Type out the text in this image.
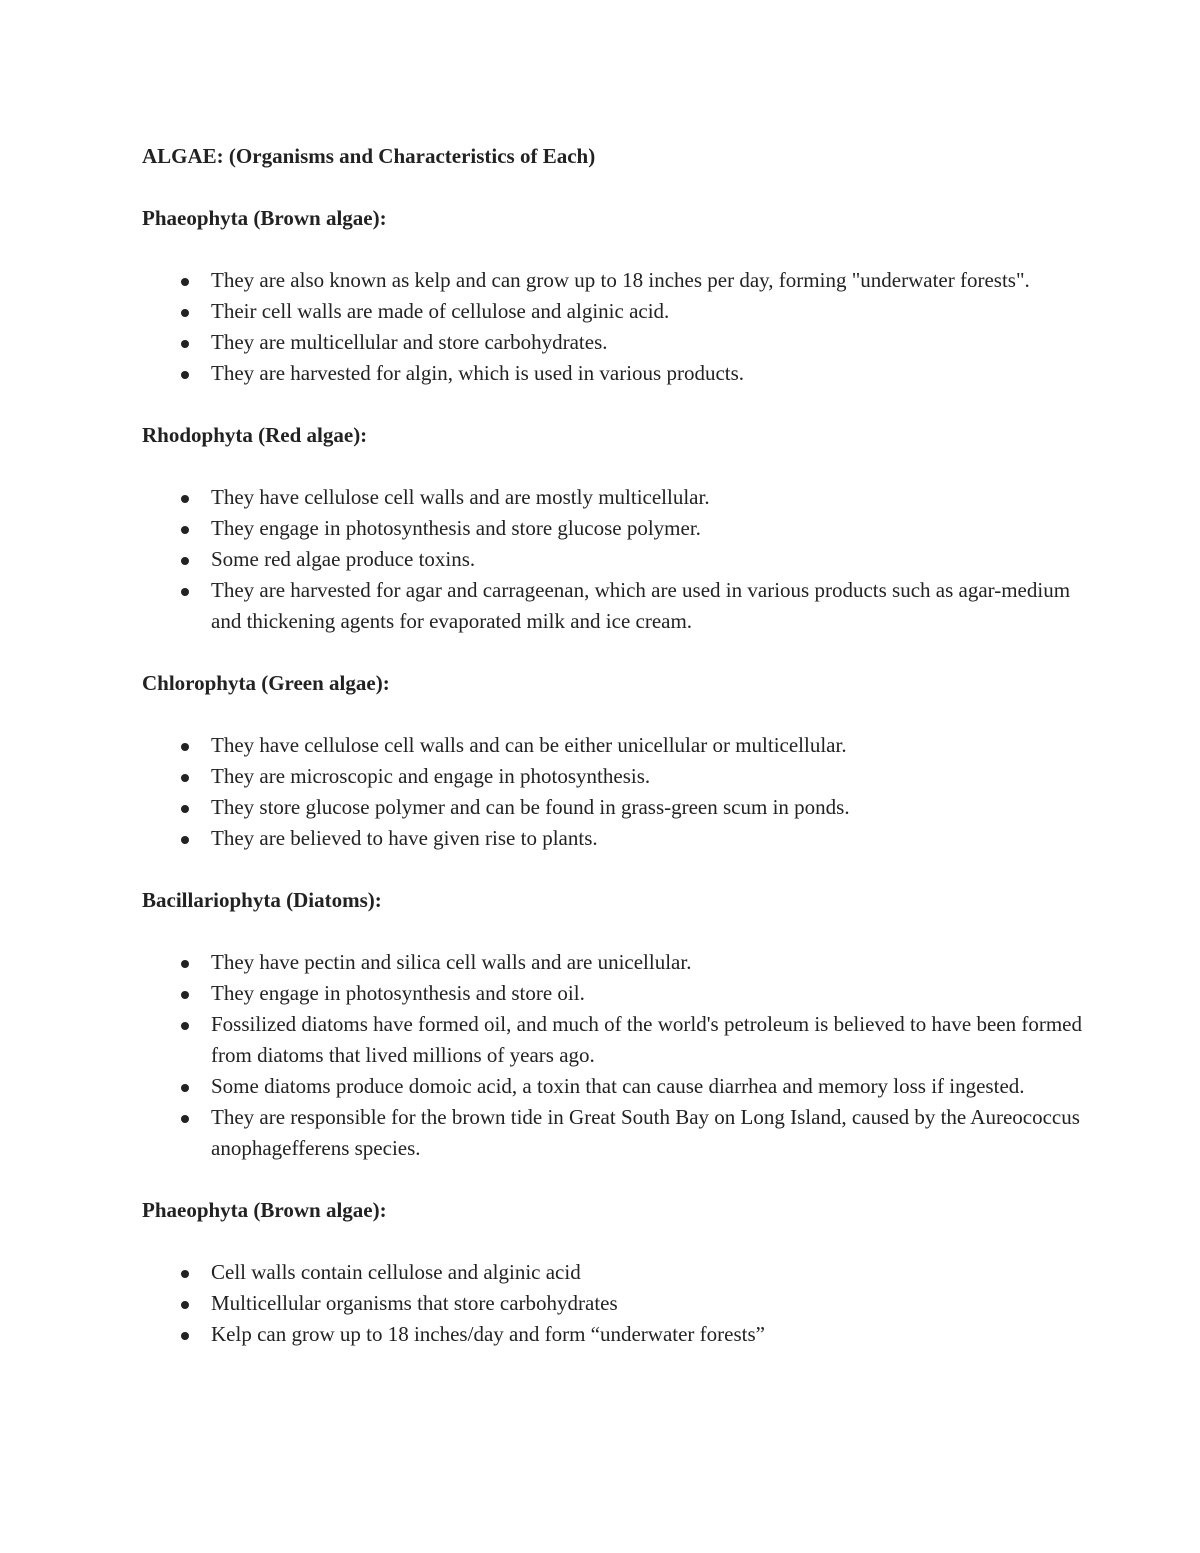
ALGAE: (Organisms and Characteristics of Each)
Phaeophyta (Brown algae):
They are also known as kelp and can grow up to 18 inches per day, forming "underwater forests".
Their cell walls are made of cellulose and alginic acid.
They are multicellular and store carbohydrates.
They are harvested for algin, which is used in various products.
Rhodophyta (Red algae):
They have cellulose cell walls and are mostly multicellular.
They engage in photosynthesis and store glucose polymer.
Some red algae produce toxins.
They are harvested for agar and carrageenan, which are used in various products such as agar-medium and thickening agents for evaporated milk and ice cream.
Chlorophyta (Green algae):
They have cellulose cell walls and can be either unicellular or multicellular.
They are microscopic and engage in photosynthesis.
They store glucose polymer and can be found in grass-green scum in ponds.
They are believed to have given rise to plants.
Bacillariophyta (Diatoms):
They have pectin and silica cell walls and are unicellular.
They engage in photosynthesis and store oil.
Fossilized diatoms have formed oil, and much of the world's petroleum is believed to have been formed from diatoms that lived millions of years ago.
Some diatoms produce domoic acid, a toxin that can cause diarrhea and memory loss if ingested.
They are responsible for the brown tide in Great South Bay on Long Island, caused by the Aureococcus anophagefferens species.
Phaeophyta (Brown algae):
Cell walls contain cellulose and alginic acid
Multicellular organisms that store carbohydrates
Kelp can grow up to 18 inches/day and form “underwater forests”
